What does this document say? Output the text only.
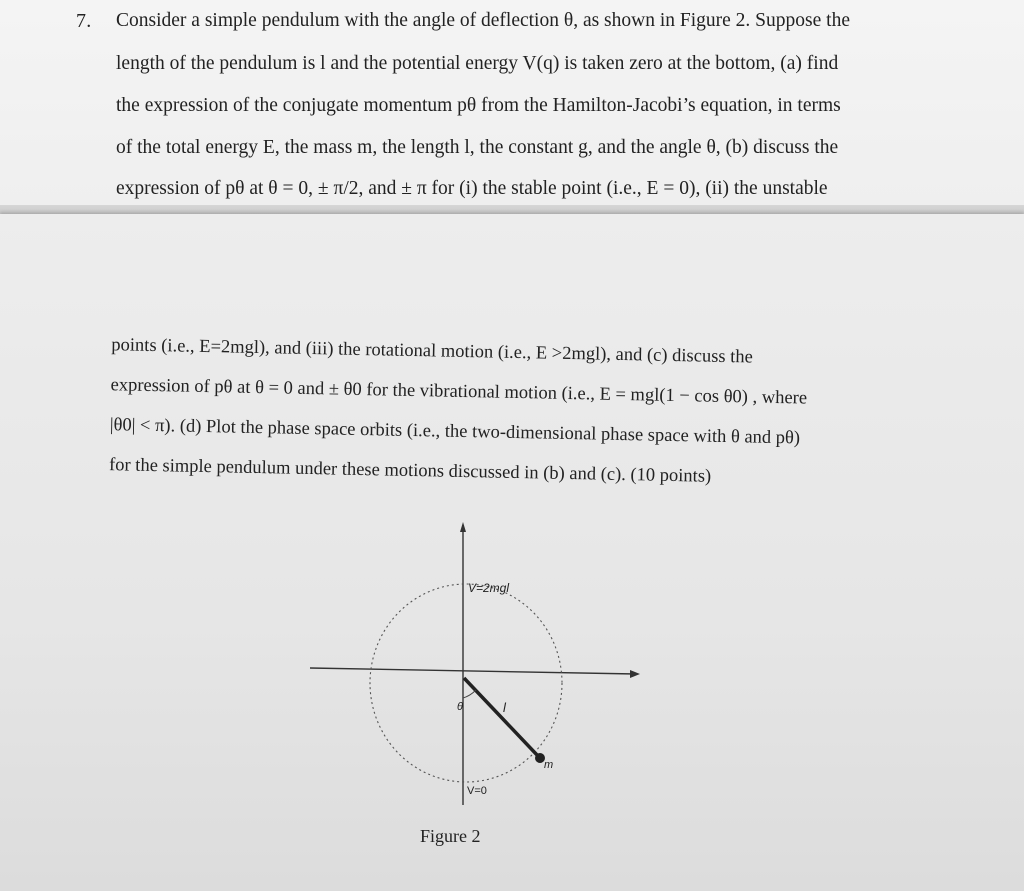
7. Consider a simple pendulum with the angle of deflection θ, as shown in Figure 2. Suppose the
length of the pendulum is l and the potential energy V(q) is taken zero at the bottom, (a) find
the expression of the conjugate momentum pθ from the Hamilton-Jacobi’s equation, in terms
of the total energy E, the mass m, the length l, the constant g, and the angle θ, (b) discuss the
expression of pθ at θ = 0, ± π/2, and ± π for (i) the stable point (i.e., E = 0), (ii) the unstable
points (i.e., E=2mgl), and (iii) the rotational motion (i.e., E >2mgl), and (c) discuss the
expression of pθ at θ = 0 and ± θ0 for the vibrational motion (i.e., E = mgl(1 − cos θ0) , where
|θ0| < π). (d) Plot the phase space orbits (i.e., the two-dimensional phase space with θ and pθ)
for the simple pendulum under these motions discussed in (b) and (c). (10 points)
V=2mgl
V=0
θ	l
m
Figure 2
